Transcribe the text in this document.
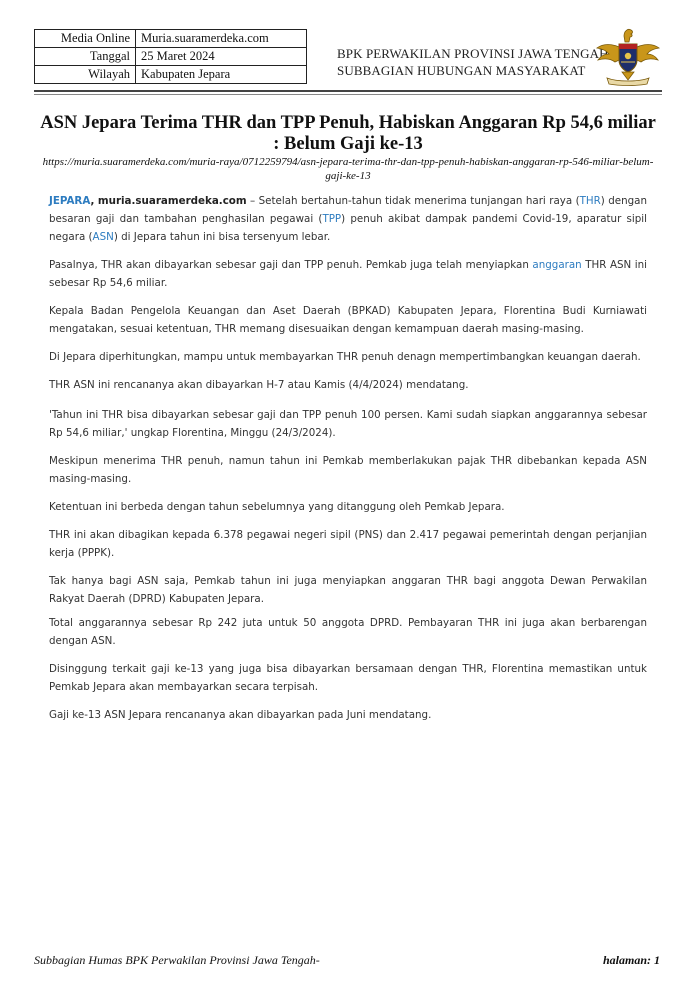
Media Online	Muria.suaramerdeka.com
Tanggal	25 Maret 2024
Wilayah	Kabupaten Jepara
BPK PERWAKILAN PROVINSI JAWA TENGAH
SUBBAGIAN HUBUNGAN MASYARAKAT
ASN Jepara Terima THR dan TPP Penuh, Habiskan Anggaran Rp 54,6 miliar : Belum Gaji ke-13
https://muria.suaramerdeka.com/muria-raya/0712259794/asn-jepara-terima-thr-dan-tpp-penuh-habiskan-anggaran-rp-546-miliar-belum-gaji-ke-13

JEPARA, muria.suaramerdeka.com – Setelah bertahun-tahun tidak menerima tunjangan hari raya (THR) dengan besaran gaji dan tambahan penghasilan pegawai (TPP) penuh akibat dampak pandemi Covid-19, aparatur sipil negara (ASN) di Jepara tahun ini bisa tersenyum lebar.

Pasalnya, THR akan dibayarkan sebesar gaji dan TPP penuh. Pemkab juga telah menyiapkan anggaran THR ASN ini sebesar Rp 54,6 miliar.

Kepala Badan Pengelola Keuangan dan Aset Daerah (BPKAD) Kabupaten Jepara, Florentina Budi Kurniawati mengatakan, sesuai ketentuan, THR memang disesuaikan dengan kemampuan daerah masing-masing.

Di Jepara diperhitungkan, mampu untuk membayarkan THR penuh denagn mempertimbangkan keuangan daerah.

THR ASN ini rencananya akan dibayarkan H-7 atau Kamis (4/4/2024) mendatang.

'Tahun ini THR bisa dibayarkan sebesar gaji dan TPP penuh 100 persen. Kami sudah siapkan anggarannya sebesar Rp 54,6 miliar,' ungkap Florentina, Minggu (24/3/2024).

Meskipun menerima THR penuh, namun tahun ini Pemkab memberlakukan pajak THR dibebankan kepada ASN masing-masing.

Ketentuan ini berbeda dengan tahun sebelumnya yang ditanggung oleh Pemkab Jepara.

THR ini akan dibagikan kepada 6.378 pegawai negeri sipil (PNS) dan 2.417 pegawai pemerintah dengan perjanjian kerja (PPPK).

Tak hanya bagi ASN saja, Pemkab tahun ini juga menyiapkan anggaran THR bagi anggota Dewan Perwakilan Rakyat Daerah (DPRD) Kabupaten Jepara.

Total anggarannya sebesar Rp 242 juta untuk 50 anggota DPRD. Pembayaran THR ini juga akan berbarengan dengan ASN.

Disinggung terkait gaji ke-13 yang juga bisa dibayarkan bersamaan dengan THR, Florentina memastikan untuk Pemkab Jepara akan membayarkan secara terpisah.

Gaji ke-13 ASN Jepara rencananya akan dibayarkan pada Juni mendatang.

Subbagian Humas BPK Perwakilan Provinsi Jawa Tengah-	halaman: 1
